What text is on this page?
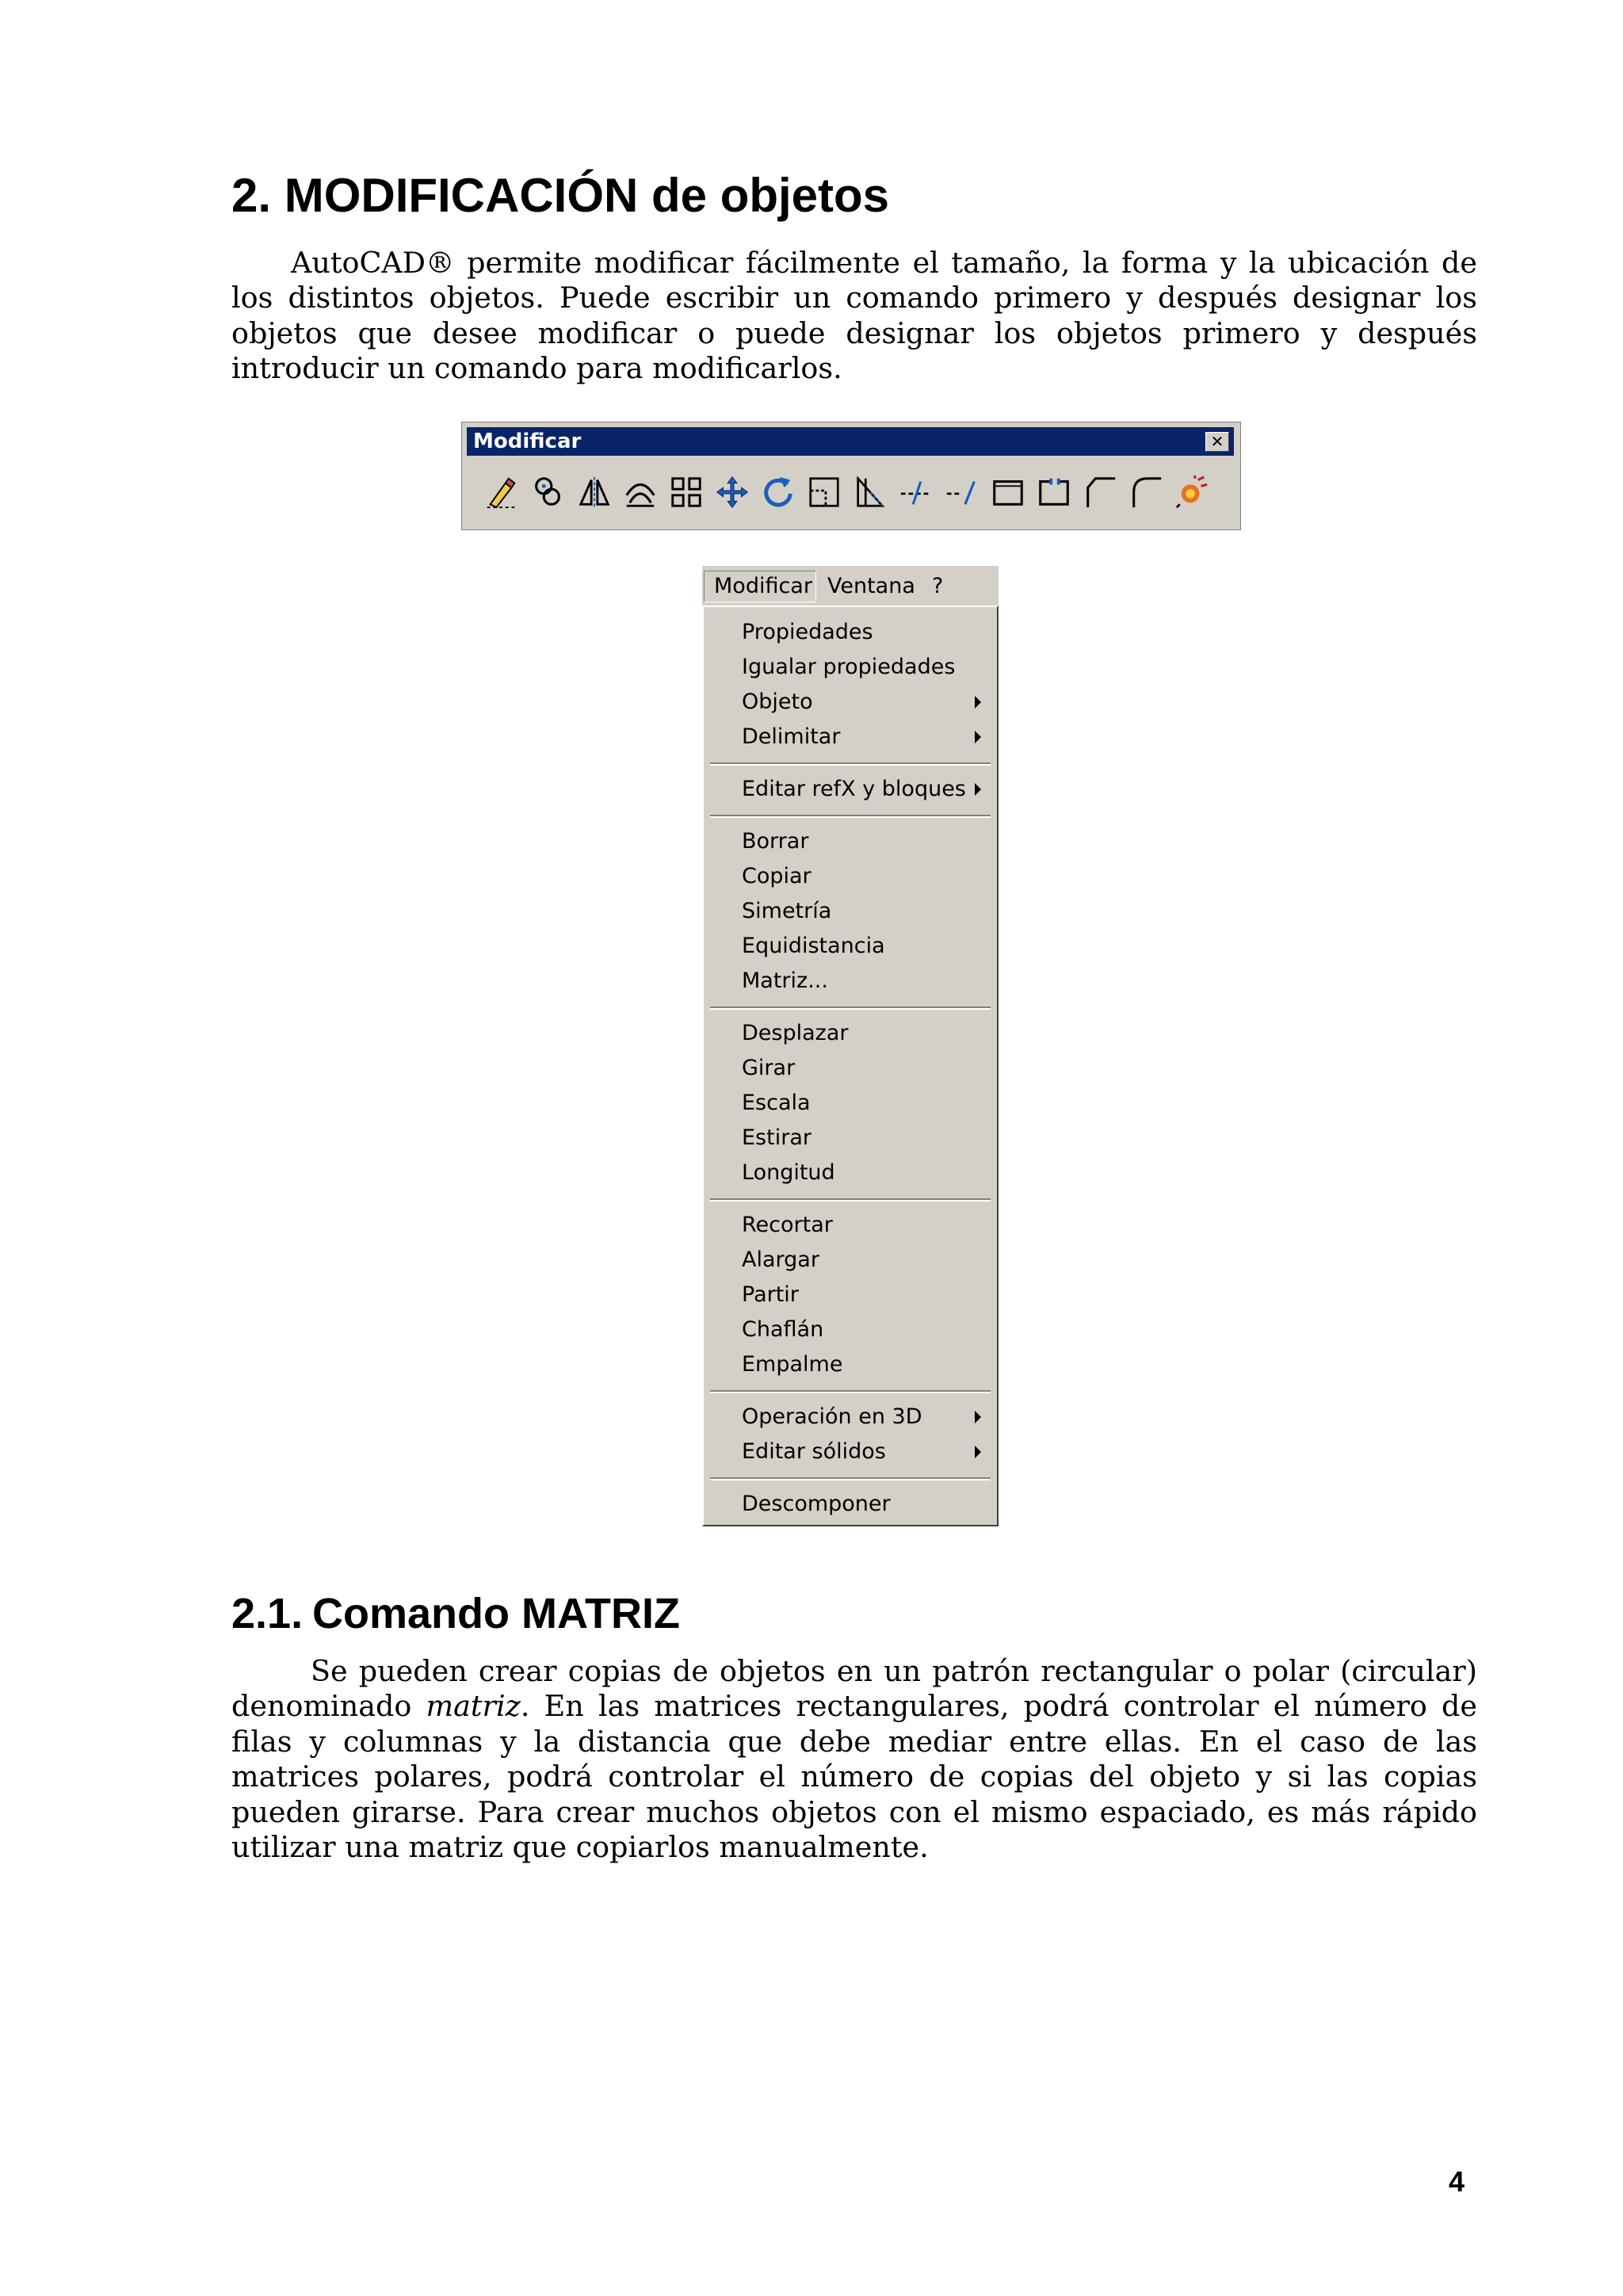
2. MODIFICACIÓN de objetos
AutoCAD® permite modificar fácilmente el tamaño, la forma y la ubicación de
los distintos objetos. Puede escribir un comando primero y después designar los
objetos que desee modificar o puede designar los objetos primero y después
introducir un comando para modificarlos.
Modificar	✕
Modificar Ventana ?
Propiedades
Igualar propiedades
Objeto
Delimitar
Editar refX y bloques
Borrar
Copiar
Simetría
Equidistancia
Matriz...
Desplazar
Girar
Escala
Estirar
Longitud
Recortar
Alargar
Partir
Chaflán
Empalme
Operación en 3D
Editar sólidos
Descomponer
2.1. Comando MATRIZ
Se pueden crear copias de objetos en un patrón rectangular o polar (circular)
denominado matriz. En las matrices rectangulares, podrá controlar el número de
filas y columnas y la distancia que debe mediar entre ellas. En el caso de las
matrices polares, podrá controlar el número de copias del objeto y si las copias
pueden girarse. Para crear muchos objetos con el mismo espaciado, es más rápido
utilizar una matriz que copiarlos manualmente.
4
